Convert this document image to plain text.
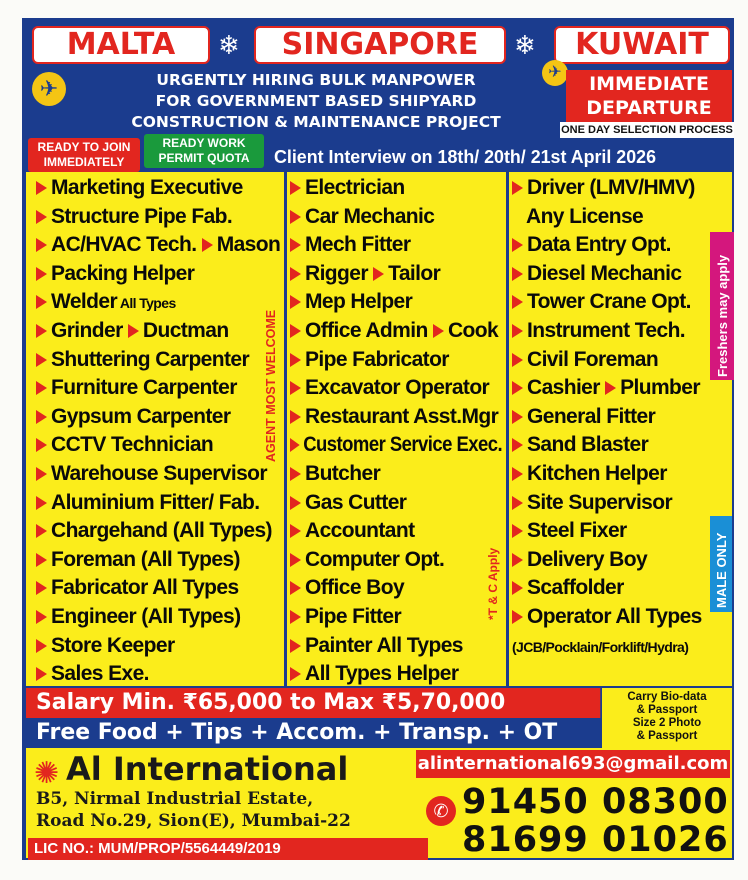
MALTA	❄	SINGAPORE	❄	KUWAIT
✈	URGENTLY HIRING BULK MANPOWER
FOR GOVERNMENT BASED SHIPYARD
CONSTRUCTION & MAINTENANCE PROJECT
✈
IMMEDIATE
DEPARTURE
ONE DAY SELECTION PROCESS
READY TO JOIN
IMMEDIATELY
READY WORK
PERMIT QUOTA	Client Interview on 18th/ 20th/ 21st April 2026
Marketing Executive
Structure Pipe Fab.
AC/HVAC Tech. Mason
Packing Helper
Welder All Types
Grinder Ductman
Shuttering Carpenter
Furniture Carpenter
Gypsum Carpenter
CCTV Technician
Warehouse Supervisor
Aluminium Fitter/ Fab.
Chargehand (All Types)
Foreman (All Types)
Fabricator All Types
Engineer (All Types)
Store Keeper
Sales Exe.
Electrician
Car Mechanic
Mech Fitter
Rigger Tailor
Mep Helper
Office Admin Cook
Pipe Fabricator
Excavator Operator
Restaurant Asst.Mgr
Customer Service Exec.
Butcher
Gas Cutter
Accountant
Computer Opt.
Office Boy
Pipe Fitter
Painter All Types
All Types Helper
Driver (LMV/HMV)
Any License
Data Entry Opt.
Diesel Mechanic
Tower Crane Opt.
Instrument Tech.
Civil Foreman
Cashier Plumber
General Fitter
Sand Blaster
Kitchen Helper
Site Supervisor
Steel Fixer
Delivery Boy
Scaffolder
Operator All Types
(JCB/Pocklain/Forklift/Hydra)
AGENT MOST WELCOME
*T & C Apply
Freshers may apply
MALE ONLY
Salary Min. ₹65,000 to Max ₹5,70,000
Free Food + Tips + Accom. + Transp. + OT
Carry Bio-data
& Passport
Size 2 Photo
& Passport
✺ Al International
B5, Nirmal Industrial Estate,
Road No.29, Sion(E), Mumbai-22
LIC NO.: MUM/PROP/5564449/2019
alinternational693@gmail.com
✆ 91450 08300
81699 01026
